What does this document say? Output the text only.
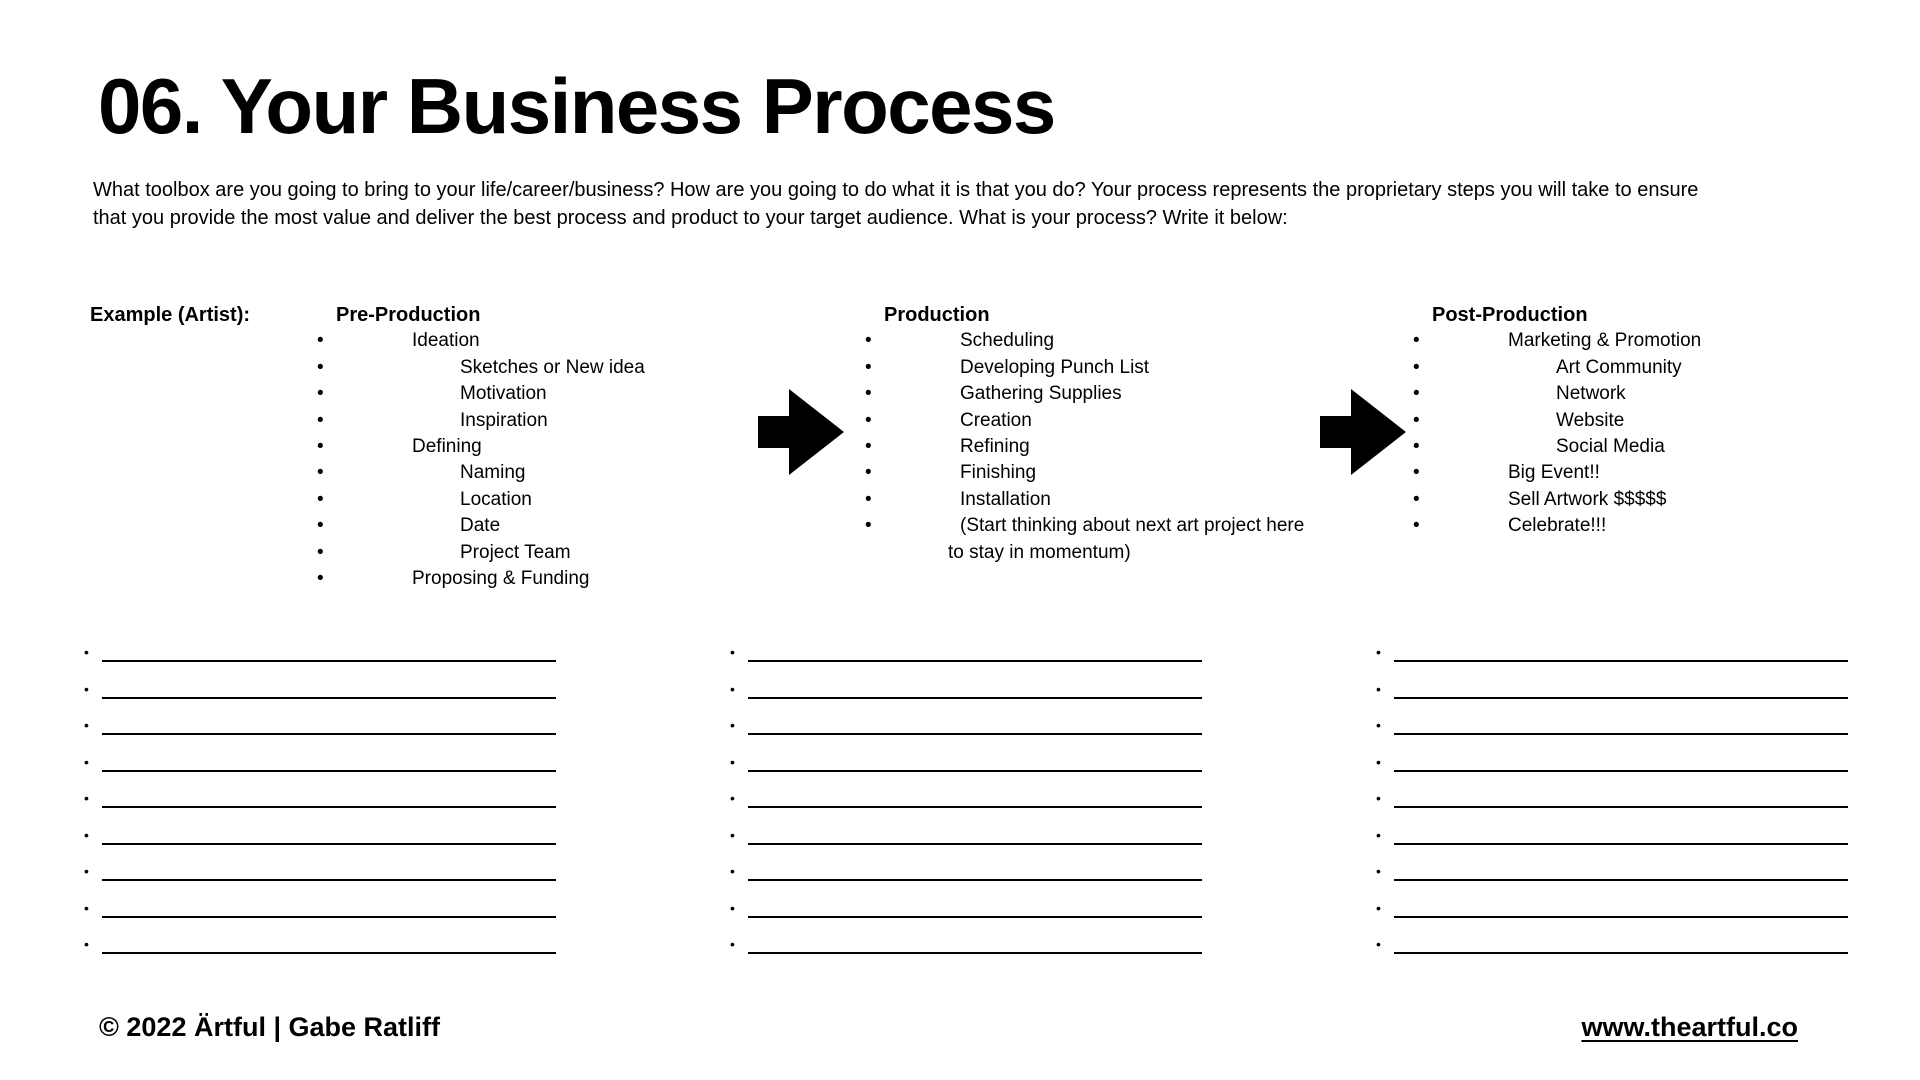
06. Your Business Process

What toolbox are you going to bring to your life/career/business? How are you going to do what it is that you do? Your process represents the proprietary steps you will take to ensure

that you provide the most value and deliver the best process and product to your target audience. What is your process? Write it below:

Example (Artist):	Pre-Production
• Ideation
• Sketches or New idea
• Motivation
• Inspiration
• Defining
• Naming
• Location
• Date
• Project Team
• Proposing & Funding
Production
• Scheduling
• Developing Punch List
• Gathering Supplies
• Creation
• Refining
• Finishing
• Installation
• (Start thinking about next art project here
to stay in momentum)
Post-Production
• Marketing & Promotion
• Art Community
• Network
• Website
• Social Media
• Big Event!!
• Sell Artwork $$$$$
• Celebrate!!!
•
•
•
•
•
•
•
•
•
•
•
•
•
•
•
•
•
•
•
•
•
•
•
•
•
•
•
© 2022 Ärtful | Gabe Ratliff	www.theartful.co
